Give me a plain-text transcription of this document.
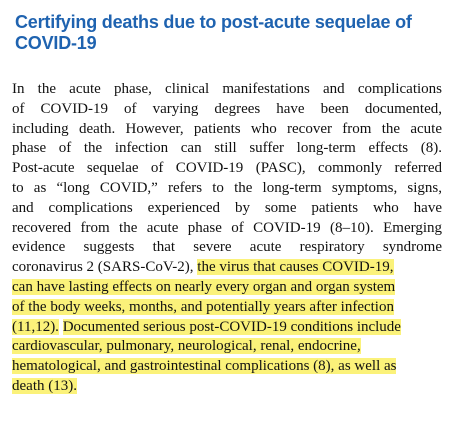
Certifying deaths due to post-acute sequelae of
COVID-19
In the acute phase, clinical manifestations and complications
of COVID-19 of varying degrees have been documented,
including death. However, patients who recover from the acute
phase of the infection can still suffer long-term effects (8).
Post-acute sequelae of COVID-19 (PASC), commonly referred
to as “long COVID,” refers to the long-term symptoms, signs,
and complications experienced by some patients who have
recovered from the acute phase of COVID-19 (8–10). Emerging
evidence suggests that severe acute respiratory syndrome
coronavirus 2 (SARS-CoV-2), the virus that causes COVID-19,
can have lasting effects on nearly every organ and organ system
of the body weeks, months, and potentially years after infection
(11,12). Documented serious post-COVID-19 conditions include
cardiovascular, pulmonary, neurological, renal, endocrine,
hematological, and gastrointestinal complications (8), as well as
death (13).
